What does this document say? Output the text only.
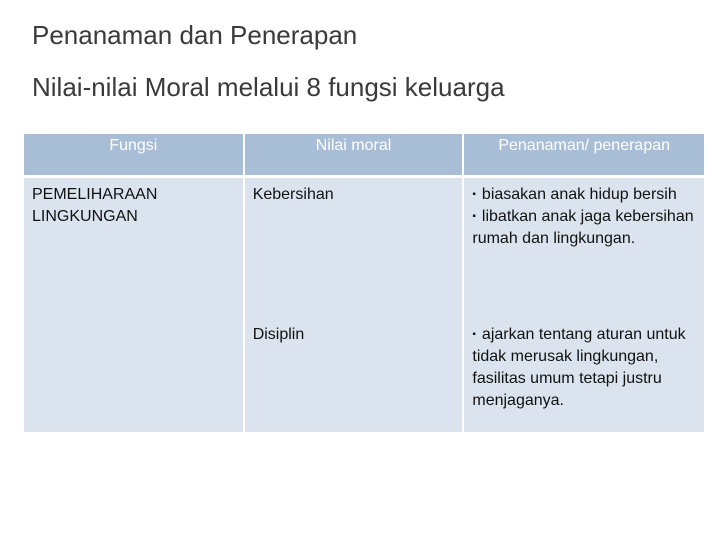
Penanaman dan Penerapan
Nilai-nilai Moral melalui 8 fungsi keluarga
Fungsi	Nilai moral	Penanaman/ penerapan
PEMELIHARAAN LINGKUNGAN	Kebersihan	▪ biasakan anak hidup bersih
▪ libatkan anak jaga kebersihan rumah dan lingkungan.

	Disiplin	▪ ajarkan tentang aturan untuk tidak merusak lingkungan, fasilitas umum tetapi justru menjaganya.
